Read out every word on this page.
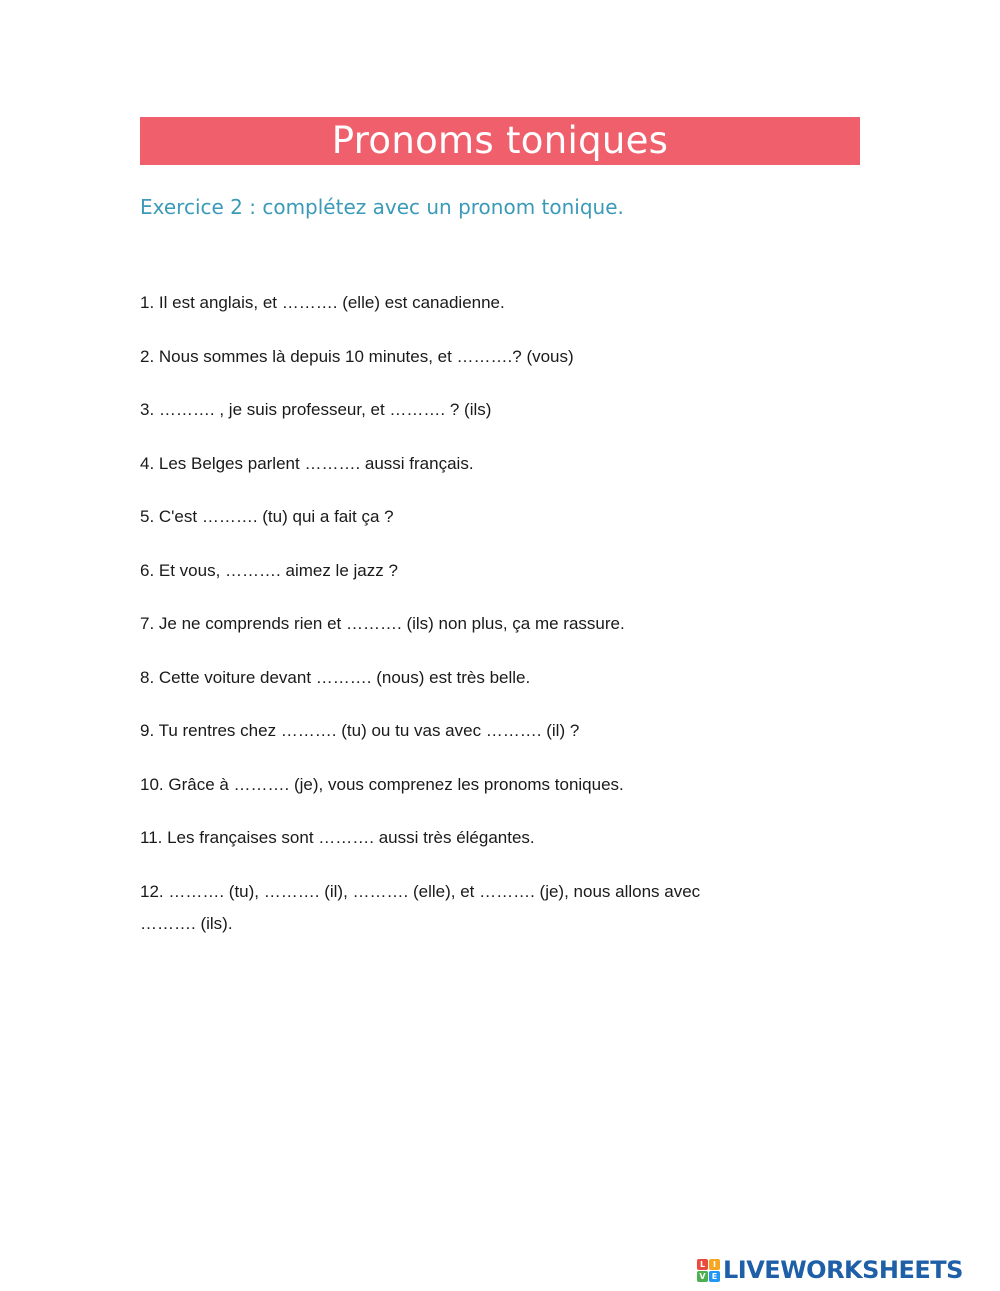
Pronoms toniques
Exercice 2 : complétez avec un pronom tonique.
1. Il est anglais, et ………. (elle) est canadienne.
2. Nous sommes là depuis 10 minutes, et ……….? (vous)
3. ………. , je suis professeur, et ………. ? (ils)
4. Les Belges parlent ………. aussi français.
5. C'est ………. (tu) qui a fait ça ?
6. Et vous, ………. aimez le jazz ?
7. Je ne comprends rien et ………. (ils) non plus, ça me rassure.
8. Cette voiture devant ………. (nous) est très belle.
9. Tu rentres chez ………. (tu) ou tu vas avec ………. (il) ?
10. Grâce à ………. (je), vous comprenez les pronoms toniques.
11. Les françaises sont ………. aussi très élégantes.
12. ………. (tu), ………. (il), ………. (elle), et ………. (je), nous allons avec ………. (ils).
L I
V E LIVEWORKSHEETS
